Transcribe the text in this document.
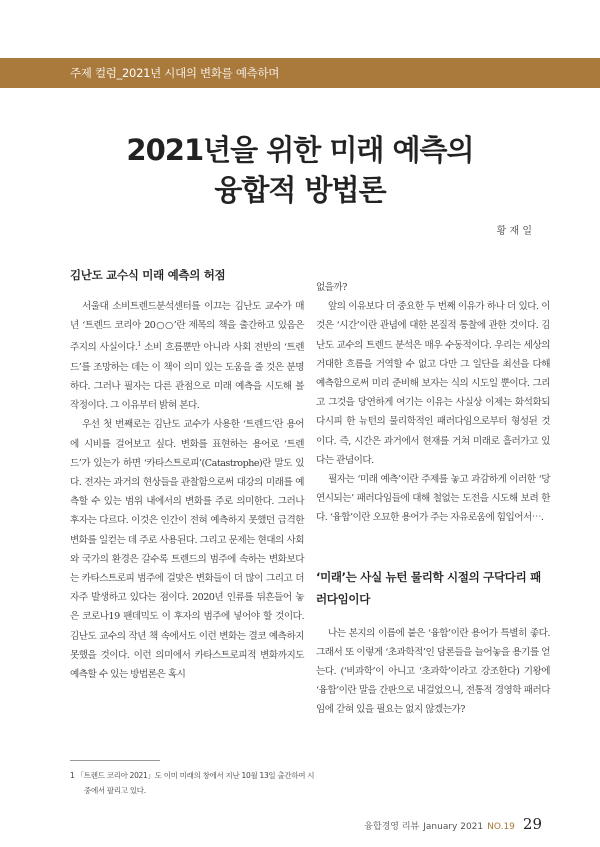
주제 컬럼_2021년 시대의 변화를 예측하며
2021년을 위한 미래 예측의
융합적 방법론
황 재 일
김난도 교수식 미래 예측의 허점

서울대 소비트렌드분석센터를 이끄는 김난도 교수가 매년 ‘트렌드 코리아 20○○’란 제목의 책을 출간하고 있음은 주지의 사실이다.$^1$ 소비 흐름뿐만 아니라 사회 전반의 ‘트렌드’를 조망하는 데는 이 책이 의미 있는 도움을 줄 것은 분명하다. 그러나 필자는 다른 관점으로 미래 예측을 시도해 볼 작정이다. 그 이유부터 밝혀 본다.

우선 첫 번째로는 김난도 교수가 사용한 ‘트렌드’란 용어에 시비를 걸어보고 싶다. 변화를 표현하는 용어로 ‘트렌드’가 있는가 하면 ‘카타스트로피’(Catastrophe)란 말도 있다. 전자는 과거의 현상들을 관찰함으로써 대강의 미래를 예측할 수 있는 범위 내에서의 변화를 주로 의미한다. 그러나 후자는 다르다. 이것은 인간이 전혀 예측하지 못했던 급격한 변화를 일컫는 데 주로 사용된다. 그리고 문제는 현대의 사회와 국가의 환경은 갈수록 트렌드의 범주에 속하는 변화보다는 카타스트로피 범주에 걸맞은 변화들이 더 많이 그리고 더 자주 발생하고 있다는 점이다. 2020년 인류를 뒤흔들어 놓은 코로나19 팬데믹도 이 후자의 범주에 넣어야 할 것이다. 김난도 교수의 작년 책 속에서도 이런 변화는 결코 예측하지 못했을 것이다. 이런 의미에서 카타스트로피적 변화까지도 예측할 수 있는 방법론은 혹시

없을까?

앞의 이유보다 더 중요한 두 번째 이유가 하나 더 있다. 이것은 ‘시간’이란 관념에 대한 본질적 통찰에 관한 것이다. 김난도 교수의 트렌드 분석은 매우 수동적이다. 우리는 세상의 거대한 흐름을 거역할 수 없고 다만 그 일단을 최선을 다해 예측함으로써 미리 준비해 보자는 식의 시도일 뿐이다. 그리고 그것을 당연하게 여기는 이유는 사실상 이제는 화석화되다시피 한 뉴턴의 물리학적인 패러다임으로부터 형성된 것이다. 즉, 시간은 과거에서 현재를 거쳐 미래로 흘러가고 있다는 관념이다.

필자는 ‘미래 예측’이란 주제를 놓고 과감하게 이러한 ‘당연시되는’ 패러다임들에 대해 철없는 도전을 시도해 보려 한다. ‘융합’이란 오묘한 용어가 주는 자유로움에 힘입어서⋯.

‘미래’는 사실 뉴턴 물리학 시절의 구닥다리 패러다임이다

나는 본지의 이름에 붙은 ‘융합’이란 용어가 특별히 좋다. 그래서 또 이렇게 ‘초과학적’인 담론들을 늘어놓을 용기를 얻는다. (‘비과학’이 아니고 ‘초과학’이라고 강조한다) 기왕에 ‘융합’이란 말을 간판으로 내걸었으니, 전통적 경영학 패러다임에 갇혀 있을 필요는 없지 않겠는가?

1 「트렌드 코리아 2021」도 이미 미래의 창에서 지난 10월 13일 출간하여 시중에서 팔리고 있다.
융합경영 리뷰 January 2021 NO.19 29
